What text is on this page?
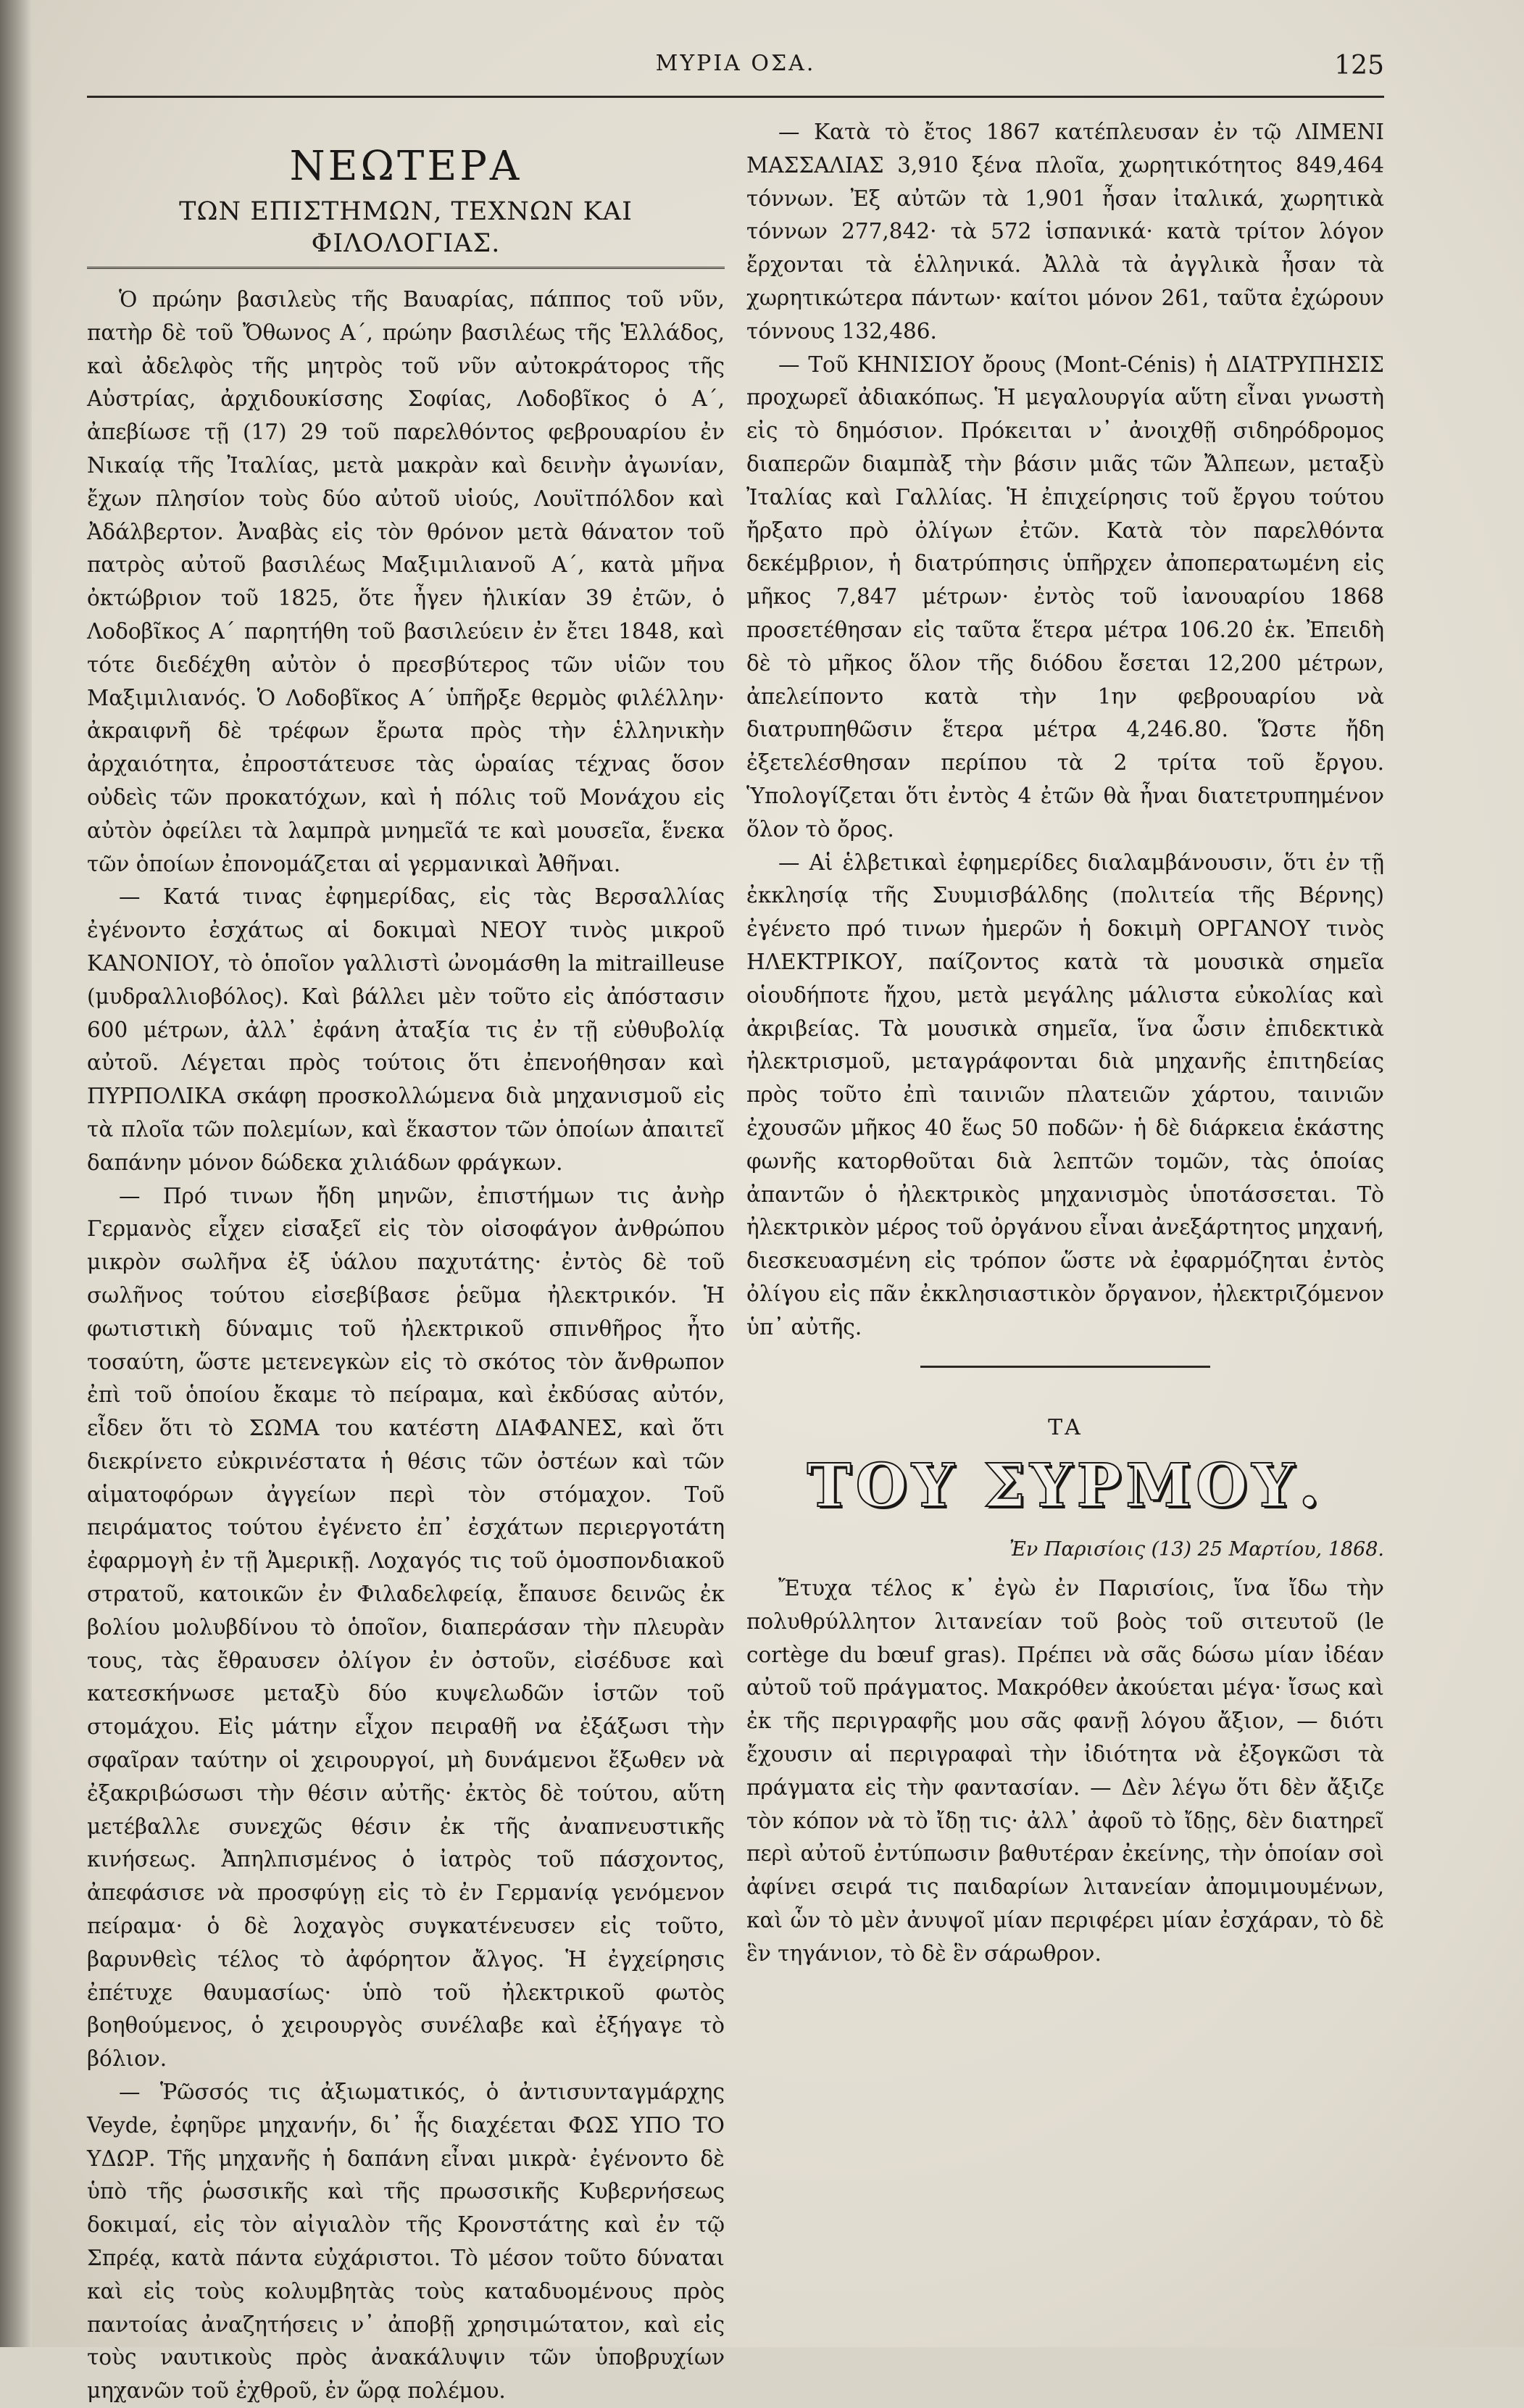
ΜΥΡΙΑ ΟΣΑ.	125
ΝΕΩΤΕΡΑ
ΤΩΝ ΕΠΙΣΤΗΜΩΝ, ΤΕΧΝΩΝ ΚΑΙ ΦΙΛΟΛΟΓΙΑΣ.

Ὁ πρώην βασιλεὺς τῆς Βαυαρίας, πάππος τοῦ νῦν, πατὴρ δὲ τοῦ Ὄθωνος Α΄, πρώην βασιλέως τῆς Ἑλλάδος, καὶ ἀδελφὸς τῆς μητρὸς τοῦ νῦν αὐτοκράτορος τῆς Αὐστρίας, ἀρχιδουκίσσης Σοφίας, Λοδοβῖκος ὁ Α΄, ἀπεβίωσε τῇ (17) 29 τοῦ παρελθόντος φεβρουαρίου ἐν Νικαίᾳ τῆς Ἰταλίας, μετὰ μακρὰν καὶ δεινὴν ἀγωνίαν, ἔχων πλησίον τοὺς δύο αὐτοῦ υἱούς, Λουϊτπόλδον καὶ Ἀδάλβερτον. Ἀναβὰς εἰς τὸν θρόνον μετὰ θάνατον τοῦ πατρὸς αὐτοῦ βασιλέως Μαξιμιλιανοῦ Α΄, κατὰ μῆνα ὀκτώβριον τοῦ 1825, ὅτε ἦγεν ἡλικίαν 39 ἐτῶν, ὁ Λοδοβῖκος Α΄ παρητήθη τοῦ βασιλεύειν ἐν ἔτει 1848, καὶ τότε διεδέχθη αὐτὸν ὁ πρεσβύτερος τῶν υἱῶν του Μαξιμιλιανός. Ὁ Λοδοβῖκος Α΄ ὑπῆρξε θερμὸς φιλέλλην· ἀκραιφνῆ δὲ τρέφων ἔρωτα πρὸς τὴν ἑλληνικὴν ἀρχαιότητα, ἐπροστάτευσε τὰς ὡραίας τέχνας ὅσον οὐδεὶς τῶν προκατόχων, καὶ ἡ πόλις τοῦ Μονάχου εἰς αὐτὸν ὀφείλει τὰ λαμπρὰ μνημεῖά τε καὶ μουσεῖα, ἕνεκα τῶν ὁποίων ἐπονομάζεται αἱ γερμανικαὶ Ἀθῆναι.

— Κατά τινας ἐφημερίδας, εἰς τὰς Βερσαλλίας ἐγένοντο ἐσχάτως αἱ δοκιμαὶ ΝΕΟΥ τινὸς μικροῦ ΚΑΝΟΝΙΟΥ, τὸ ὁποῖον γαλλιστὶ ὠνομάσθη la mitrailleuse (μυδραλλιοβόλος). Καὶ βάλλει μὲν τοῦτο εἰς ἀπόστασιν 600 μέτρων, ἀλλ᾿ ἐφάνη ἀταξία τις ἐν τῇ εὐθυβολίᾳ αὐτοῦ. Λέγεται πρὸς τούτοις ὅτι ἐπενοήθησαν καὶ ΠΥΡΠΟΛΙΚΑ σκάφη προσκολλώμενα διὰ μηχανισμοῦ εἰς τὰ πλοῖα τῶν πολεμίων, καὶ ἕκαστον τῶν ὁποίων ἀπαιτεῖ δαπάνην μόνον δώδεκα χιλιάδων φράγκων.

— Πρό τινων ἤδη μηνῶν, ἐπιστήμων τις ἀνὴρ Γερμανὸς εἶχεν εἰσαξεῖ εἰς τὸν οἰσοφάγον ἀνθρώπου μικρὸν σωλῆνα ἐξ ὑάλου παχυτάτης· ἐντὸς δὲ τοῦ σωλῆνος τούτου εἰσεβίβασε ῥεῦμα ἠλεκτρικόν. Ἡ φωτιστικὴ δύναμις τοῦ ἠλεκτρικοῦ σπινθῆρος ἦτο τοσαύτη, ὥστε μετενεγκὼν εἰς τὸ σκότος τὸν ἄνθρωπον ἐπὶ τοῦ ὁποίου ἔκαμε τὸ πείραμα, καὶ ἐκδύσας αὐτόν, εἶδεν ὅτι τὸ ΣΩΜΑ του κατέστη ΔΙΑΦΑΝΕΣ, καὶ ὅτι διεκρίνετο εὐκρινέστατα ἡ θέσις τῶν ὀστέων καὶ τῶν αἱματοφόρων ἀγγείων περὶ τὸν στόμαχον. Τοῦ πειράματος τούτου ἐγένετο ἐπ᾿ ἐσχάτων περιεργοτάτη ἐφαρμογὴ ἐν τῇ Ἀμερικῇ. Λοχαγός τις τοῦ ὁμοσπονδιακοῦ στρατοῦ, κατοικῶν ἐν Φιλαδελφείᾳ, ἔπαυσε δεινῶς ἐκ βολίου μολυβδίνου τὸ ὁποῖον, διαπεράσαν τὴν πλευρὰν τους, τὰς ἔθραυσεν ὀλίγον ἐν ὀστοῦν, εἰσέδυσε καὶ κατεσκήνωσε μεταξὺ δύο κυψελωδῶν ἱστῶν τοῦ στομάχου. Εἰς μάτην εἶχον πειραθῆ να ἐξάξωσι τὴν σφαῖραν ταύτην οἱ χειρουργοί, μὴ δυνάμενοι ἔξωθεν νὰ ἐξακριβώσωσι τὴν θέσιν αὐτῆς· ἐκτὸς δὲ τούτου, αὕτη μετέβαλλε συνεχῶς θέσιν ἐκ τῆς ἀναπνευστικῆς κινήσεως. Ἀπηλπισμένος ὁ ἰατρὸς τοῦ πάσχοντος, ἀπεφάσισε νὰ προσφύγῃ εἰς τὸ ἐν Γερμανίᾳ γενόμενον πείραμα· ὁ δὲ λοχαγὸς συγκατένευσεν εἰς τοῦτο, βαρυνθεὶς τέλος τὸ ἀφόρητον ἄλγος. Ἡ ἐγχείρησις ἐπέτυχε θαυμασίως· ὑπὸ τοῦ ἠλεκτρικοῦ φωτὸς βοηθούμενος, ὁ χειρουργὸς συνέλαβε καὶ ἐξήγαγε τὸ βόλιον.

— Ῥῶσσός τις ἀξιωματικός, ὁ ἀντισυνταγμάρχης Veyde, ἐφηῦρε μηχανήν, δι᾿ ἧς διαχέεται ΦΩΣ ΥΠΟ ΤΟ ΥΔΩΡ. Τῆς μηχανῆς ἡ δαπάνη εἶναι μικρὰ· ἐγένοντο δὲ ὑπὸ τῆς ῥωσσικῆς καὶ τῆς πρωσσικῆς Κυβερνήσεως δοκιμαί, εἰς τὸν αἰγιαλὸν τῆς Κρονστάτης καὶ ἐν τῷ Σπρέᾳ, κατὰ πάντα εὐχάριστοι. Τὸ μέσον τοῦτο δύναται καὶ εἰς τοὺς κολυμβητὰς τοὺς καταδυομένους πρὸς παντοίας ἀναζητήσεις ν᾿ ἀποβῇ χρησιμώτατον, καὶ εἰς τοὺς ναυτικοὺς πρὸς ἀνακάλυψιν τῶν ὑποβρυχίων μηχανῶν τοῦ ἐχθροῦ, ἐν ὥρᾳ πολέμου.

— Κατὰ τὸ ἔτος 1867 κατέπλευσαν ἐν τῷ ΛΙΜΕΝΙ ΜΑΣΣΑΛΙΑΣ 3,910 ξένα πλοῖα, χωρητικότητος 849,464 τόννων. Ἐξ αὐτῶν τὰ 1,901 ἦσαν ἰταλικά, χωρητικὰ τόννων 277,842· τὰ 572 ἱσπανικά· κατὰ τρίτον λόγον ἔρχονται τὰ ἑλληνικά. Ἀλλὰ τὰ ἀγγλικὰ ἦσαν τὰ χωρητικώτερα πάντων· καίτοι μόνον 261, ταῦτα ἐχώρουν τόννους 132,486.

— Τοῦ ΚΗΝΙΣΙΟΥ ὄρους (Mont-Cénis) ἡ ΔΙΑΤΡΥΠΗΣΙΣ προχωρεῖ ἀδιακόπως. Ἡ μεγαλουργία αὕτη εἶναι γνωστὴ εἰς τὸ δημόσιον. Πρόκειται ν᾿ ἀνοιχθῇ σιδηρόδρομος διαπερῶν διαμπὰξ τὴν βάσιν μιᾶς τῶν Ἄλπεων, μεταξὺ Ἰταλίας καὶ Γαλλίας. Ἡ ἐπιχείρησις τοῦ ἔργου τούτου ἤρξατο πρὸ ὀλίγων ἐτῶν. Κατὰ τὸν παρελθόντα δεκέμβριον, ἡ διατρύπησις ὑπῆρχεν ἀποπερατωμένη εἰς μῆκος 7,847 μέτρων· ἐντὸς τοῦ ἰανουαρίου 1868 προσετέθησαν εἰς ταῦτα ἕτερα μέτρα 106.20 ἑκ. Ἐπειδὴ δὲ τὸ μῆκος ὅλον τῆς διόδου ἔσεται 12,200 μέτρων, ἀπελείποντο κατὰ τὴν 1ην φεβρουαρίου νὰ διατρυπηθῶσιν ἕτερα μέτρα 4,246.80. Ὥστε ἤδη ἐξετελέσθησαν περίπου τὰ 2 τρίτα τοῦ ἔργου. Ὑπολογίζεται ὅτι ἐντὸς 4 ἐτῶν θὰ ἦναι διατετρυπημένον ὅλον τὸ ὄρος.

— Αἱ ἑλβετικαὶ ἐφημερίδες διαλαμβάνουσιν, ὅτι ἐν τῇ ἐκκλησίᾳ τῆς Συυμισβάλδης (πολιτεία τῆς Βέρνης) ἐγένετο πρό τινων ἡμερῶν ἡ δοκιμὴ ΟΡΓΑΝΟΥ τινὸς ΗΛΕΚΤΡΙΚΟΥ, παίζοντος κατὰ τὰ μουσικὰ σημεῖα οἱουδήποτε ἤχου, μετὰ μεγάλης μάλιστα εὐκολίας καὶ ἀκριβείας. Τὰ μουσικὰ σημεῖα, ἵνα ὦσιν ἐπιδεκτικὰ ἠλεκτρισμοῦ, μεταγράφονται διὰ μηχανῆς ἐπιτηδείας πρὸς τοῦτο ἐπὶ ταινιῶν πλατειῶν χάρτου, ταινιῶν ἐχουσῶν μῆκος 40 ἕως 50 ποδῶν· ἡ δὲ διάρκεια ἑκάστης φωνῆς κατορθοῦται διὰ λεπτῶν τομῶν, τὰς ὁποίας ἀπαντῶν ὁ ἠλεκτρικὸς μηχανισμὸς ὑποτάσσεται. Τὸ ἠλεκτρικὸν μέρος τοῦ ὀργάνου εἶναι ἀνεξάρτητος μηχανή, διεσκευασμένη εἰς τρόπον ὥστε νὰ ἐφαρμόζηται ἐντὸς ὀλίγου εἰς πᾶν ἐκκλησιαστικὸν ὄργανον, ἠλεκτριζόμενον ὑπ᾿ αὐτῆς.

ΤΑ
ΤΟΥ ΣΥΡΜΟΥ.
Ἐν Παρισίοις (13) 25 Μαρτίου, 1868.

Ἔτυχα τέλος κ᾿ ἐγὼ ἐν Παρισίοις, ἵνα ἴδω τὴν πολυθρύλλητον λιτανείαν τοῦ βοὸς τοῦ σιτευτοῦ (le cortège du bœuf gras). Πρέπει νὰ σᾶς δώσω μίαν ἰδέαν αὐτοῦ τοῦ πράγματος. Μακρόθεν ἀκούεται μέγα· ἴσως καὶ ἐκ τῆς περιγραφῆς μου σᾶς φανῇ λόγου ἄξιον, — διότι ἔχουσιν αἱ περιγραφαὶ τὴν ἰδιότητα νὰ ἐξογκῶσι τὰ πράγματα εἰς τὴν φαντασίαν. — Δὲν λέγω ὅτι δὲν ἄξιζε τὸν κόπον νὰ τὸ ἴδῃ τις· ἀλλ᾿ ἀφοῦ τὸ ἴδῃς, δὲν διατηρεῖ περὶ αὐτοῦ ἐντύπωσιν βαθυτέραν ἐκείνης, τὴν ὁποίαν σοὶ ἀφίνει σειρά τις παιδαρίων λιτανείαν ἀπομιμουμένων, καὶ ὧν τὸ μὲν ἀνυψοῖ μίαν περιφέρει μίαν ἐσχάραν, τὸ δὲ ἓν τηγάνιον, τὸ δὲ ἓν σάρωθρον.
